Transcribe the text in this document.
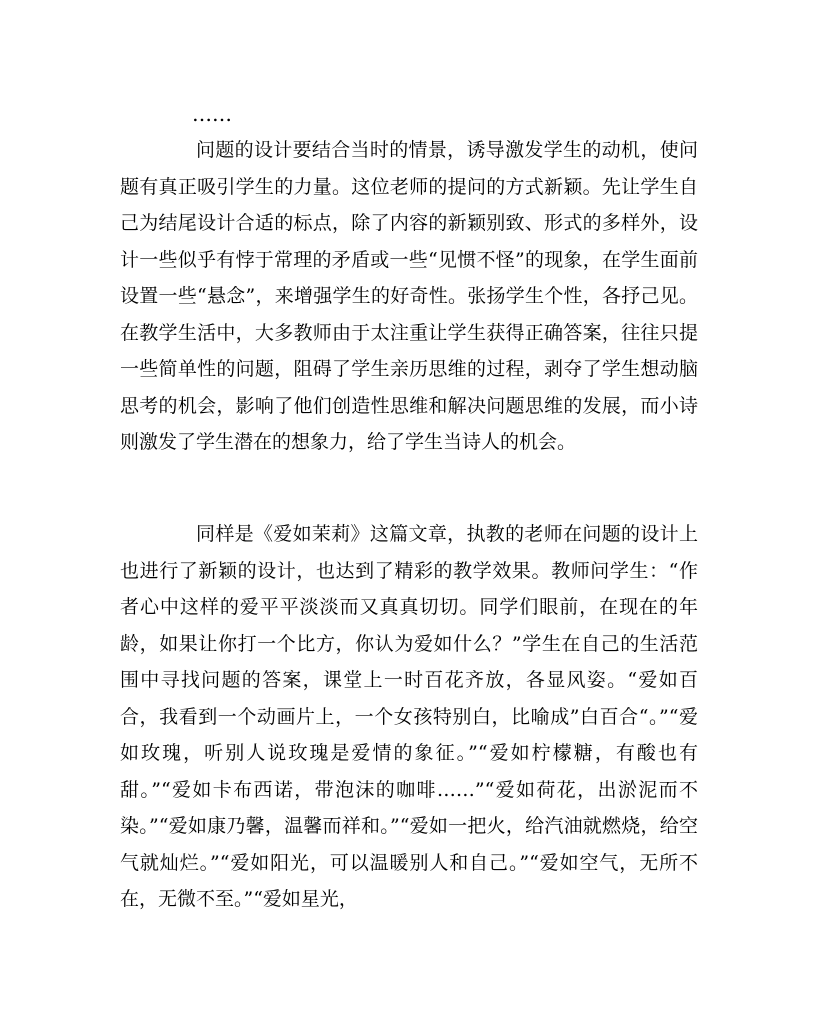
……

问题的设计要结合当时的情景，诱导激发学生的动机，使问题有真正吸引学生的力量。这位老师的提问的方式新颖。先让学生自己为结尾设计合适的标点，除了内容的新颖别致、形式的多样外，设计一些似乎有悖于常理的矛盾或一些“见惯不怪”的现象，在学生面前设置一些“悬念”，来增强学生的好奇性。张扬学生个性，各抒己见。在教学生活中，大多教师由于太注重让学生获得正确答案，往往只提一些简单性的问题，阻碍了学生亲历思维的过程，剥夺了学生想动脑思考的机会，影响了他们创造性思维和解决问题思维的发展，而小诗则激发了学生潜在的想象力，给了学生当诗人的机会。

同样是《爱如茉莉》这篇文章，执教的老师在问题的设计上也进行了新颖的设计，也达到了精彩的教学效果。教师问学生：“作者心中这样的爱平平淡淡而又真真切切。同学们眼前，在现在的年龄，如果让你打一个比方，你认为爱如什么？”学生在自己的生活范围中寻找问题的答案，课堂上一时百花齐放，各显风姿。“爱如百合，我看到一个动画片上，一个女孩特别白，比喻成”白百合“。”“爱如玫瑰，听别人说玫瑰是爱情的象征。”“爱如柠檬糖，有酸也有甜。”“爱如卡布西诺，带泡沫的咖啡……”“爱如荷花，出淤泥而不染。”“爱如康乃馨，温馨而祥和。”“爱如一把火，给汽油就燃烧，给空气就灿烂。”“爱如阳光，可以温暖别人和自己。”“爱如空气，无所不在，无微不至。”“爱如星光，
